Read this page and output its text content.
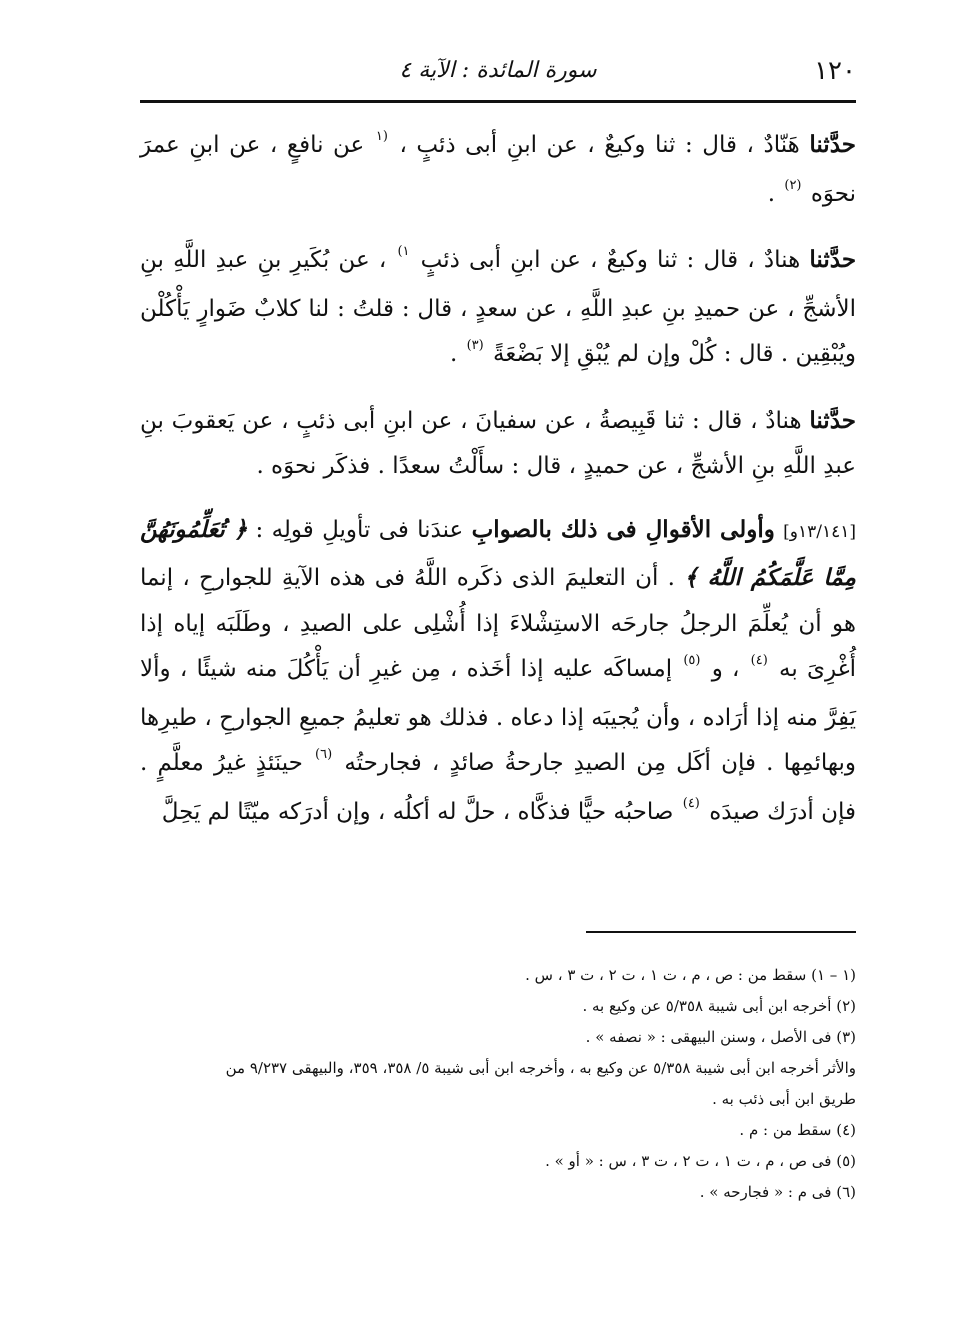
١٢٠
سورة المائدة : الآية ٤

حدَّثنا هَنّادٌ ، قال : ثنا وكيعٌ ، عن ابنِ أبى ذئبٍ ، $^{(١}$ عن نافعٍ ، عن ابنِ عمرَ نحوَه $^{(٢)}$ .

حدَّثنا هنادٌ ، قال : ثنا وكيعٌ ، عن ابنِ أبى ذئبٍ $^{١)}$ ، عن بُكَيرِ بنِ عبدِ اللَّهِ بنِ الأشجِّ ، عن حميدِ بنِ عبدِ اللَّهِ ، عن سعدٍ ، قال : قلتُ : لنا كلابٌ ضَوارٍ يَأْكُلْن ويُبْقِين . قال : كُلْ وإن لم يُبْقِ إلا بَضْعَةً $^{(٣)}$ .

حدَّثنا هنادٌ ، قال : ثنا قَبِيصةُ ، عن سفيانَ ، عن ابنِ أبى ذئبٍ ، عن يَعقوبَ بنِ عبدِ اللَّهِ بنِ الأشجِّ ، عن حميدٍ ، قال : سأَلْتُ سعدًا . فذكَر نحوَه .

[١٣/١٤١و] وأولى الأقوالِ فى ذلك بالصوابِ عندَنا فى تأويلِ قولِه : ﴿ تُعَلِّمُونَهُنَّ مِمَّا عَلَّمَكُمُ اللَّهُ ﴾ . أن التعليمَ الذى ذكَره اللَّهُ فى هذه الآيةِ للجوارحِ ، إنما هو أن يُعلِّمَ الرجلُ جارحَه الاستِشْلاءَ إذا أُشْلِى على الصيدِ ، وطَلَبَه إياه إذا أُغْرِىَ به $^{(٤)}$ ، و $^{(٥)}$ إمساكَه عليه إذا أخَذه ، مِن غيرِ أن يَأْكُلَ منه شيئًا ، وألا يَفِرَّ منه إذا أرَاده ، وأن يُجيبَه إذا دعاه . فذلك هو تعليمُ جميعِ الجوارحِ ، طيرِها وبهائمِها . فإن أكَل مِن الصيدِ جارحةُ صائدٍ ، فجارحتُه $^{(٦)}$ حينَئذٍ غيرُ معلَّمٍ . فإن أدرَك صيدَه $^{(٤)}$ صاحبُه حيًّا فذكَّاه ، حلَّ له أكلُه ، وإن أدرَكه ميّتًا لم يَحِلَّ

(١ – ١) سقط من : ص ، م ، ت ١ ، ت ٢ ، ت ٣ ، س .

(٢) أخرجه ابن أبى شيبة ٥/٣٥٨ عن وكيع به .

(٣) فى الأصل ، وسنن البيهقى : « نصفه » .

والأثر أخرجه ابن أبى شيبة ٥/٣٥٨ عن وكيع به ، وأخرجه ابن أبى شيبة ٥/ ٣٥٨، ٣٥٩، والبيهقى ٩/٢٣٧ من

طريق ابن أبى ذئب به .

(٤) سقط من : م .

(٥) فى ص ، م ، ت ١ ، ت ٢ ، ت ٣ ، س : « أو » .

(٦) فى م : « فجارحه » .
